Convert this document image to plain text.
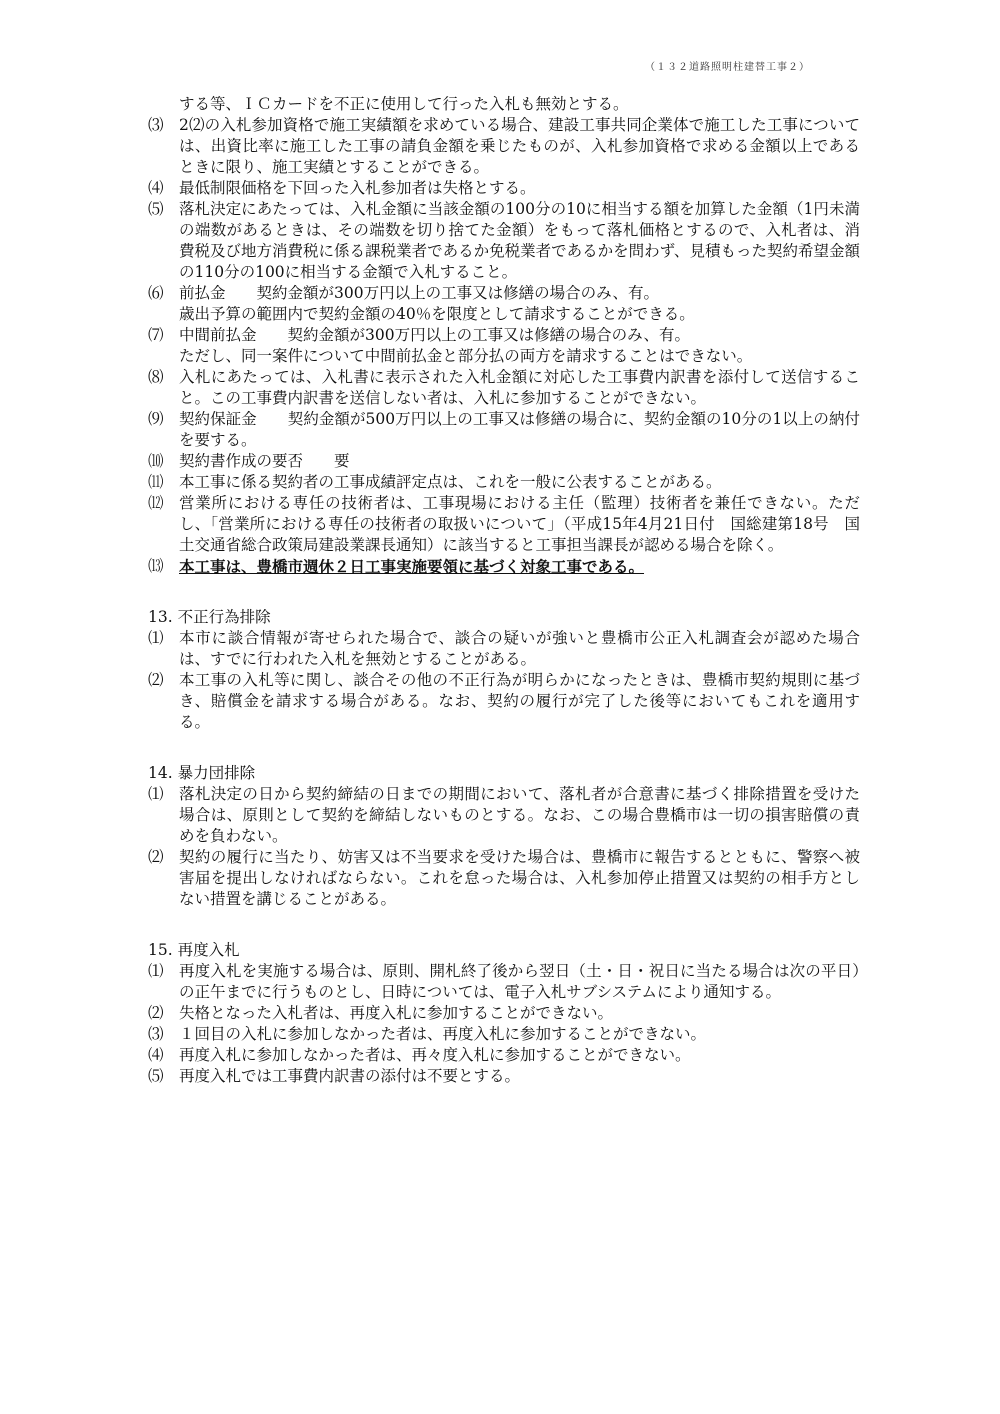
（１３２道路照明柱建替工事２）
する等、ＩＣカードを不正に使用して行った入札も無効とする。
⑶ 2⑵の入札参加資格で施工実績額を求めている場合、建設工事共同企業体で施工した工事については、出資比率に施工した工事の請負金額を乗じたものが、入札参加資格で求める金額以上であるときに限り、施工実績とすることができる。
⑷ 最低制限価格を下回った入札参加者は失格とする。
⑸ 落札決定にあたっては、入札金額に当該金額の100分の10に相当する額を加算した金額（1円未満の端数があるときは、その端数を切り捨てた金額）をもって落札価格とするので、入札者は、消費税及び地方消費税に係る課税業者であるか免税業者であるかを問わず、見積もった契約希望金額の110分の100に相当する金額で入札すること。
⑹ 前払金　　契約金額が300万円以上の工事又は修繕の場合のみ、有。
歳出予算の範囲内で契約金額の40％を限度として請求することができる。
⑺ 中間前払金　　契約金額が300万円以上の工事又は修繕の場合のみ、有。
ただし、同一案件について中間前払金と部分払の両方を請求することはできない。
⑻ 入札にあたっては、入札書に表示された入札金額に対応した工事費内訳書を添付して送信すること。この工事費内訳書を送信しない者は、入札に参加することができない。
⑼ 契約保証金　　契約金額が500万円以上の工事又は修繕の場合に、契約金額の10分の1以上の納付を要する。
⑽ 契約書作成の要否　　要
⑾ 本工事に係る契約者の工事成績評定点は、これを一般に公表することがある。
⑿ 営業所における専任の技術者は、工事現場における主任（監理）技術者を兼任できない。ただし、「営業所における専任の技術者の取扱いについて」（平成15年4月21日付　国総建第18号　国土交通省総合政策局建設業課長通知）に該当すると工事担当課長が認める場合を除く。
⒀ 本工事は、豊橋市週休２日工事実施要領に基づく対象工事である。
13. 不正行為排除
⑴ 本市に談合情報が寄せられた場合で、談合の疑いが強いと豊橋市公正入札調査会が認めた場合は、すでに行われた入札を無効とすることがある。
⑵ 本工事の入札等に関し、談合その他の不正行為が明らかになったときは、豊橋市契約規則に基づき、賠償金を請求する場合がある。なお、契約の履行が完了した後等においてもこれを適用する。
14. 暴力団排除
⑴ 落札決定の日から契約締結の日までの期間において、落札者が合意書に基づく排除措置を受けた場合は、原則として契約を締結しないものとする。なお、この場合豊橋市は一切の損害賠償の責めを負わない。
⑵ 契約の履行に当たり、妨害又は不当要求を受けた場合は、豊橋市に報告するとともに、警察へ被害届を提出しなければならない。これを怠った場合は、入札参加停止措置又は契約の相手方としない措置を講じることがある。
15. 再度入札
⑴ 再度入札を実施する場合は、原則、開札終了後から翌日（土・日・祝日に当たる場合は次の平日）の正午までに行うものとし、日時については、電子入札サブシステムにより通知する。
⑵ 失格となった入札者は、再度入札に参加することができない。
⑶ １回目の入札に参加しなかった者は、再度入札に参加することができない。
⑷ 再度入札に参加しなかった者は、再々度入札に参加することができない。
⑸ 再度入札では工事費内訳書の添付は不要とする。
